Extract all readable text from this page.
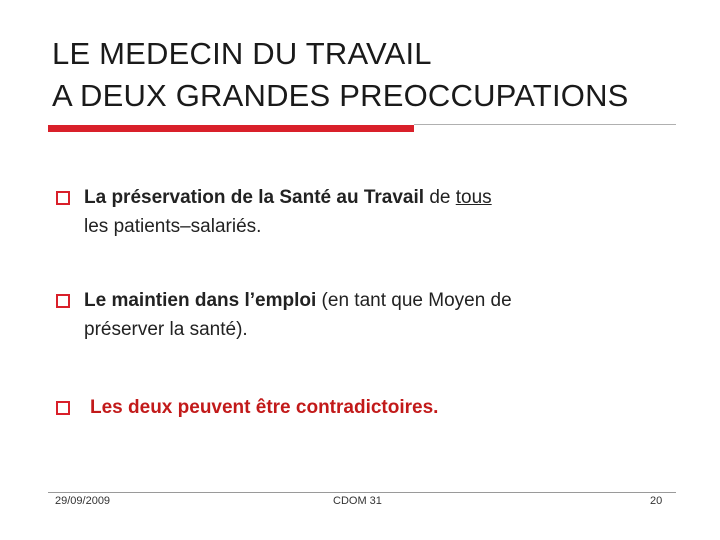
LE MEDECIN DU TRAVAIL
A DEUX GRANDES PREOCCUPATIONS
La préservation de la Santé au Travail de tous
les patients–salariés.
Le maintien dans l’emploi (en tant que Moyen de
préserver la santé).
Les deux peuvent être contradictoires.
29/09/2009	CDOM 31	20
